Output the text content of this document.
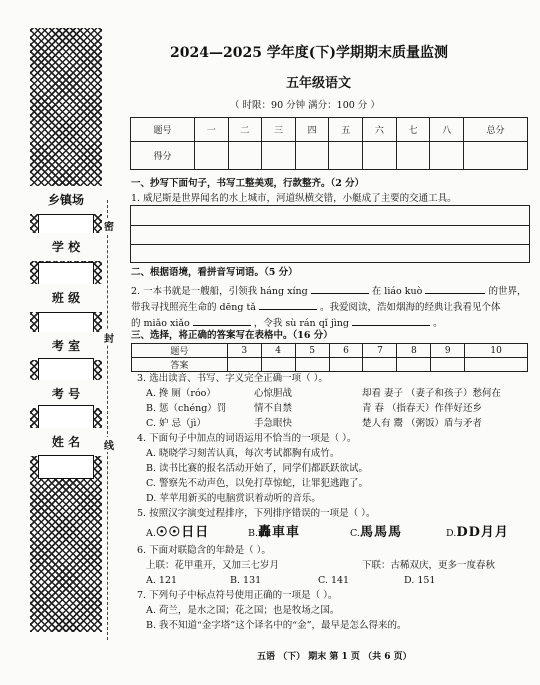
乡镇场
学 校
班 级
考 室
考 号
姓 名
密
封
线
2024—2025 学年度(下)学期期末质量监测
五年级语文
（ 时限：90 分钟 满分：100 分 ）
题号	一	二	三	四	五	六	七	八	总分
得分									
一、抄写下面句子，书写工整美观，行款整齐。（2 分）
1. 威尼斯是世界闻名的水上城市，河道纵横交错，小艇成了主要的交通工具。
二、根据语境，看拼音写词语。（5 分）
2. 一本书就是一艘船，引领我 háng xíng	在 liáo kuò	的世界，
带我寻找照亮生命的 dēng tǎ	。我爱阅读，浩如烟海的经典让我看见个体
的 miǎo xiǎo	，令我 sù rán qǐ jìng	。
三、选择，将正确的答案写在表格中。（16 分）
题号	3	4	5	6	7	8	9	10
答案								
3. 选出读音、书写、字义完全正确一项（ ）。
A. 搀 厕（róo）	心惊胆战	却看 妻子 （妻子和孩子）愁何在
B. 惩（chéng）罚	情不自禁	青 春 （指春天）作伴好还乡
C. 妒 忌（jì）	手急眼快	楚人有 鬻 （粥饭）盾与矛者
4. 下面句子中加点的词语运用不恰当的一项是（ ）。
A. 晓晓学习刻苦认真，每次考试都胸有成竹。
B. 读书比赛的报名活动开始了，同学们都跃跃欲试。
C. 警察先不动声色，以免打草惊蛇，让罪犯逃跑了。
D. 苹苹用新买的电脑赏识着动听的音乐。
5. 按照汉字演变过程排序，下列排序错误的一项是（ ）。
A.☉☉日日	B.轟車車	C.馬馬馬	D.DD月月
6. 下面对联隐含的年龄是（ ）。
上联：花甲重开，又加三七岁月	下联：古稀双庆，更多一度春秋
A. 121	B. 131	C. 141	D. 151
7. 下列句子中标点符号使用正确的一项是（ ）。
A. 荷兰，是水之国；花之国；也是牧场之国。
B. 我不知道“金字塔”这个译名中的“金”，最早是怎么得来的。
五语 （下） 期末 第 1 页 （共 6 页）
